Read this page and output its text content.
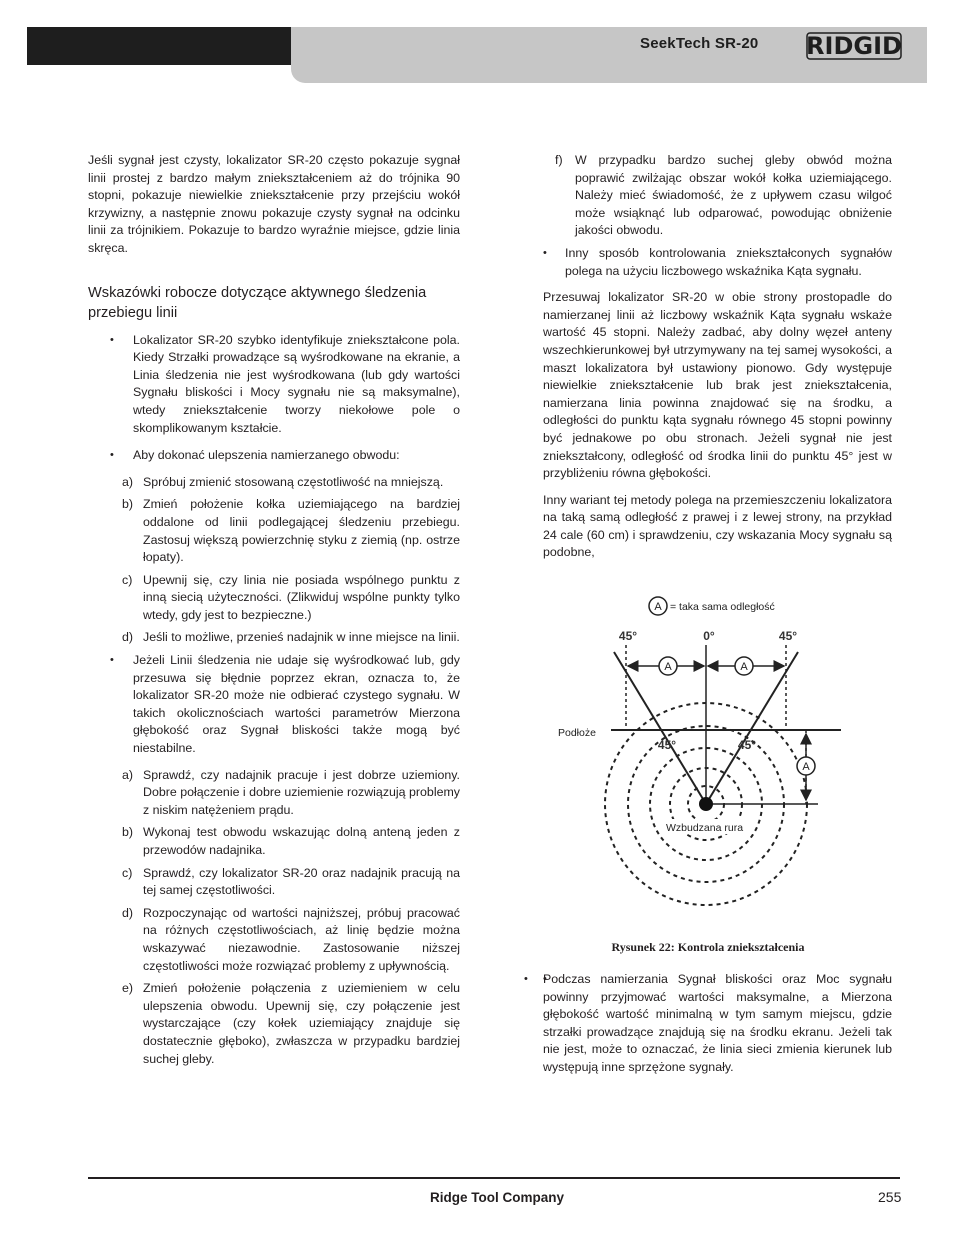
SeekTech SR-20 RIDGID

Jeśli sygnał jest czysty, lokalizator SR-20 często pokazuje sygnał linii prostej z bardzo małym zniekształceniem aż do trójnika 90 stopni, pokazuje niewielkie zniekształcenie przy przejściu wokół krzywizny, a następnie znowu pokazuje czysty sygnał na odcinku linii za trójnikiem. Pokazuje to bardzo wyraźnie miejsce, gdzie linia skręca.

Wskazówki robocze dotyczące aktywnego śledzenia przebiegu linii
• Lokalizator SR-20 szybko identyfikuje zniekształcone pola. Kiedy Strzałki prowadzące są wyśrodkowane na ekranie, a Linia śledzenia nie jest wyśrodkowana (lub gdy wartości Sygnału bliskości i Mocy sygnału nie są maksymalne), wtedy zniekształcenie tworzy niekołowe pole o skomplikowanym kształcie.
• Aby dokonać ulepszenia namierzanego obwodu:
a) Spróbuj zmienić stosowaną częstotliwość na mniejszą.
b) Zmień położenie kołka uziemiającego na bardziej oddalone od linii podlegającej śledzeniu przebiegu. Zastosuj większą powierzchnię styku z ziemią (np. ostrze łopaty).
c) Upewnij się, czy linia nie posiada wspólnego punktu z inną siecią użyteczności. (Zlikwiduj wspólne punkty tylko wtedy, gdy jest to bezpieczne.)
d) Jeśli to możliwe, przenieś nadajnik w inne miejsce na linii.
• Jeżeli Linii śledzenia nie udaje się wyśrodkować lub, gdy przesuwa się błędnie poprzez ekran, oznacza to, że lokalizator SR-20 może nie odbierać czystego sygnału. W takich okolicznościach wartości parametrów Mierzona głębokość oraz Sygnał bliskości także mogą być niestabilne.
a) Sprawdź, czy nadajnik pracuje i jest dobrze uziemiony. Dobre połączenie i dobre uziemienie rozwiązują problemy z niskim natężeniem prądu.
b) Wykonaj test obwodu wskazując dolną anteną jeden z przewodów nadajnika.
c) Sprawdź, czy lokalizator SR-20 oraz nadajnik pracują na tej samej częstotliwości.
d) Rozpoczynając od wartości najniższej, próbuj pracować na różnych częstotliwościach, aż linię będzie można wskazywać niezawodnie. Zastosowanie niższej częstotliwości może rozwiązać problemy z upływnością.
e) Zmień położenie połączenia z uziemieniem w celu ulepszenia obwodu. Upewnij się, czy połączenie jest wystarczające (czy kołek uziemiający znajduje się dostatecznie głęboko), zwłaszcza w przypadku bardziej suchej gleby.
f) W przypadku bardzo suchej gleby obwód można poprawić zwilżając obszar wokół kołka uziemiającego. Należy mieć świadomość, że z upływem czasu wilgoć może wsiąknąć lub odparować, powodując obniżenie jakości obwodu.
• Inny sposób kontrolowania zniekształconych sygnałów polega na użyciu liczbowego wskaźnika Kąta sygnału.

Przesuwaj lokalizator SR-20 w obie strony prostopadle do namierzanej linii aż liczbowy wskaźnik Kąta sygnału wskaże wartość 45 stopni. Należy zadbać, aby dolny węzeł anteny wszechkierunkowej był utrzymywany na tej samej wysokości, a maszt lokalizatora był ustawiony pionowo. Gdy występuje niewielkie zniekształcenie lub brak jest zniekształcenia, namierzana linia powinna znajdować się na środku, a odległości do punktu kąta sygnału równego 45 stopni powinny być jednakowe po obu stronach. Jeżeli sygnał nie jest zniekształcony, odległość od środka linii do punktu 45° jest w przybliżeniu równa głębokości.

Inny wariant tej metody polega na przemieszczeniu lokalizatora na taką samą odległość z prawej i z lewej strony, na przykład 24 cale (60 cm) i sprawdzeniu, czy wskazania Mocy sygnału są podobne,

A	A
A
A = taka sama odległość
45°	0°	45°
45°	45°
Podłoże
Wzbudzana rura
Rysunek 22: Kontrola zniekształcenia
• • Podczas namierzania Sygnał bliskości oraz Moc sygnału powinny przyjmować wartości maksymalne, a Mierzona głębokość wartość minimalną w tym samym miejscu, gdzie strzałki prowadzące znajdują się na środku ekranu. Jeżeli tak nie jest, może to oznaczać, że linia sieci zmienia kierunek lub występują inne sprzężone sygnały.
Ridge Tool Company	255
